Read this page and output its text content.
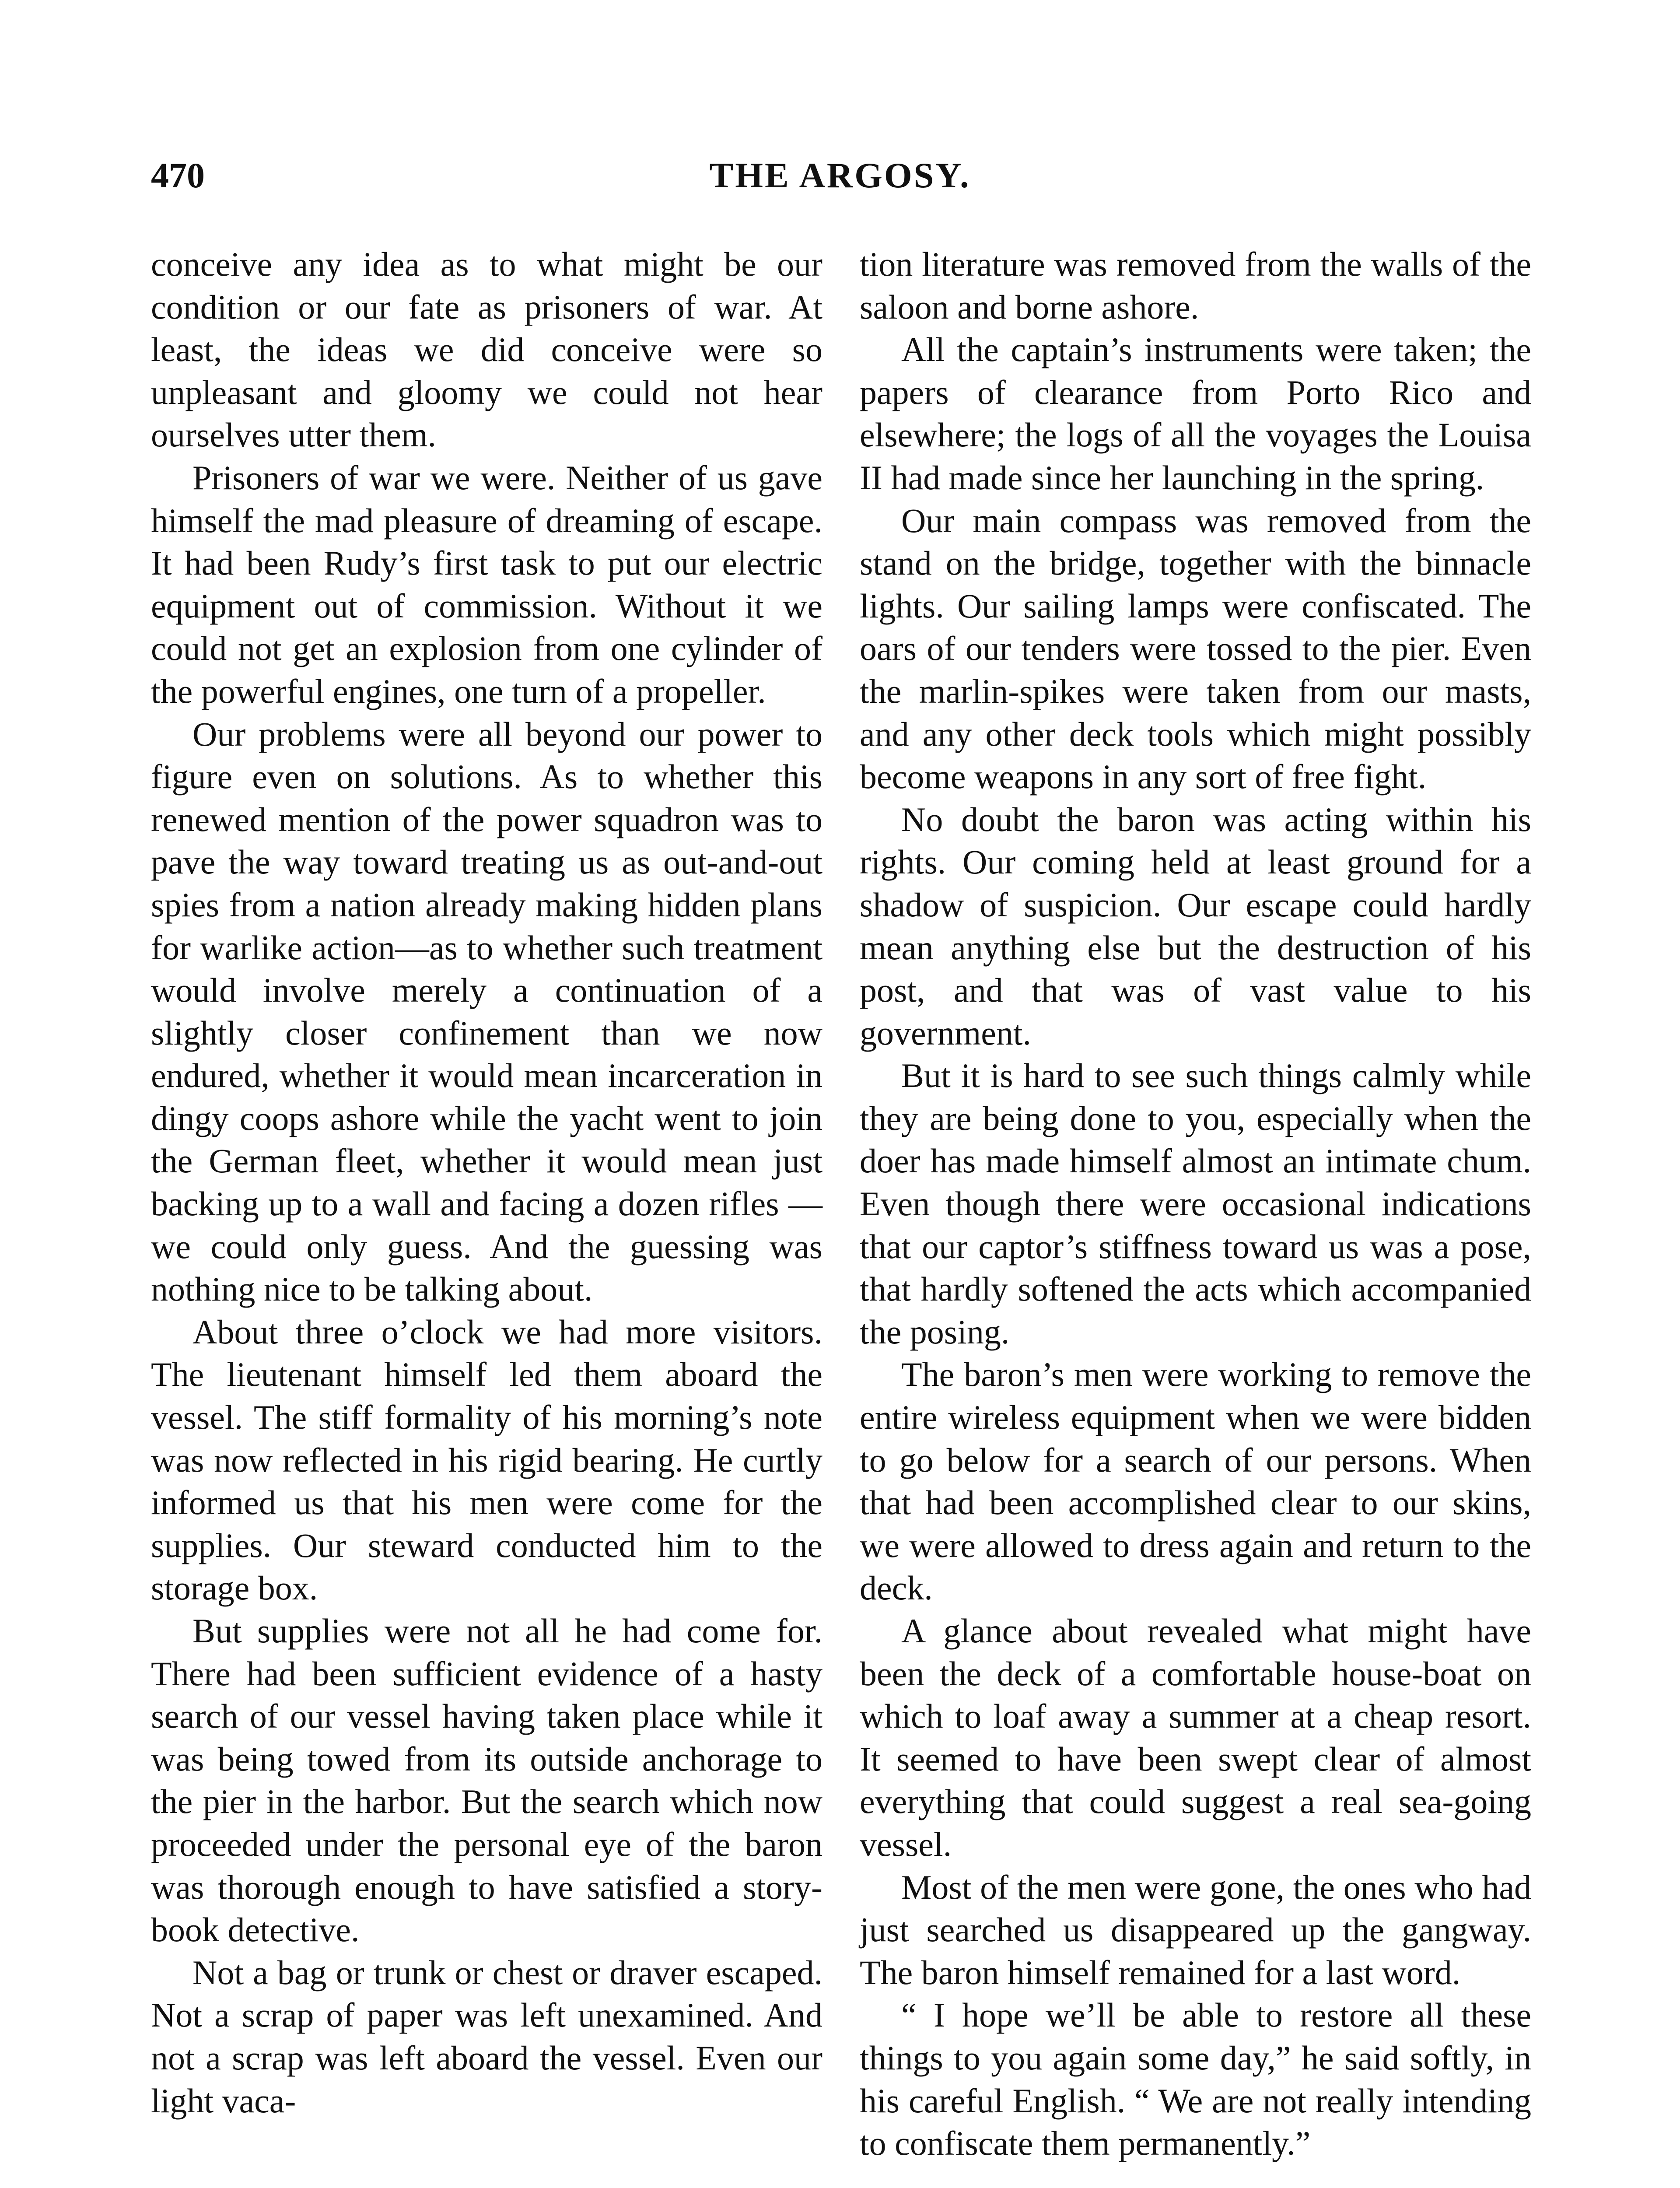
470	THE ARGOSY.

conceive any idea as to what might be our condition or our fate as prisoners of war. At least, the ideas we did conceive were so unpleasant and gloomy we could not hear ourselves utter them.

Prisoners of war we were. Neither of us gave himself the mad pleasure of dreaming of escape. It had been Rudy’s first task to put our electric equipment out of commission. Without it we could not get an explosion from one cylinder of the powerful engines, one turn of a propeller.

Our problems were all beyond our power to figure even on solutions. As to whether this renewed mention of the power squadron was to pave the way toward treating us as out-and-out spies from a nation already making hidden plans for warlike action—as to whether such treatment would involve merely a continuation of a slightly closer confinement than we now endured, whether it would mean incarceration in dingy coops ashore while the yacht went to join the German fleet, whether it would mean just backing up to a wall and facing a dozen rifles — we could only guess. And the guessing was nothing nice to be talking about.

About three o’clock we had more visitors. The lieutenant himself led them aboard the vessel. The stiff formality of his morning’s note was now reflected in his rigid bearing. He curtly informed us that his men were come for the supplies. Our steward conducted him to the storage box.

But supplies were not all he had come for. There had been sufficient evidence of a hasty search of our vessel having taken place while it was being towed from its outside anchorage to the pier in the harbor. But the search which now proceeded under the personal eye of the baron was thorough enough to have satisfied a story-book detective.

Not a bag or trunk or chest or draver escaped. Not a scrap of paper was left unexamined. And not a scrap was left aboard the vessel. Even our light vaca-

tion literature was removed from the walls of the saloon and borne ashore.

All the captain’s instruments were taken; the papers of clearance from Porto Rico and elsewhere; the logs of all the voyages the Louisa II had made since her launching in the spring.

Our main compass was removed from the stand on the bridge, together with the binnacle lights. Our sailing lamps were confiscated. The oars of our tenders were tossed to the pier. Even the marlin-spikes were taken from our masts, and any other deck tools which might possibly become weapons in any sort of free fight.

No doubt the baron was acting within his rights. Our coming held at least ground for a shadow of suspicion. Our escape could hardly mean anything else but the destruction of his post, and that was of vast value to his government.

But it is hard to see such things calmly while they are being done to you, especially when the doer has made himself almost an intimate chum. Even though there were occasional indications that our captor’s stiffness toward us was a pose, that hardly softened the acts which accompanied the posing.

The baron’s men were working to remove the entire wireless equipment when we were bidden to go below for a search of our persons. When that had been accomplished clear to our skins, we were allowed to dress again and return to the deck.

A glance about revealed what might have been the deck of a comfortable house-boat on which to loaf away a summer at a cheap resort. It seemed to have been swept clear of almost everything that could suggest a real sea-going vessel.

Most of the men were gone, the ones who had just searched us disappeared up the gangway. The baron himself remained for a last word.

“ I hope we’ll be able to restore all these things to you again some day,” he said softly, in his careful English. “ We are not really intending to confiscate them permanently.”
